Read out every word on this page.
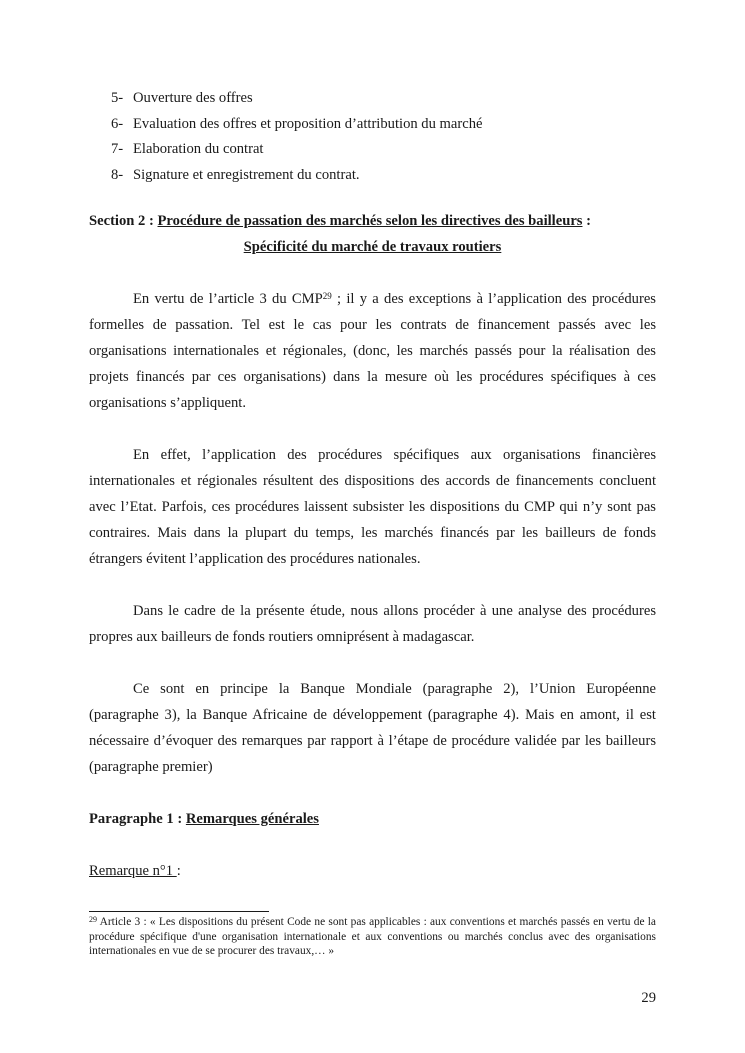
5- Ouverture des offres
6- Evaluation des offres et proposition d’attribution du marché
7- Elaboration du contrat
8- Signature et enregistrement du contrat.
Section 2 : Procédure de passation des marchés selon les directives des bailleurs :
Spécificité du marché de travaux routiers

En vertu de l’article 3 du CMP$^{29}$ ; il y a des exceptions à l’application des procédures formelles de passation. Tel est le cas pour les contrats de financement passés avec les organisations internationales et régionales, (donc, les marchés passés pour la réalisation des projets financés par ces organisations) dans la mesure où les procédures spécifiques à ces organisations s’appliquent.

En effet, l’application des procédures spécifiques aux organisations financières internationales et régionales résultent des dispositions des accords de financements concluent avec l’Etat. Parfois, ces procédures laissent subsister les dispositions du CMP qui n’y sont pas contraires. Mais dans la plupart du temps, les marchés financés par les bailleurs de fonds étrangers évitent l’application des procédures nationales.

Dans le cadre de la présente étude, nous allons procéder à une analyse des procédures propres aux bailleurs de fonds routiers omniprésent à madagascar.

Ce sont en principe la Banque Mondiale (paragraphe 2), l’Union Européenne (paragraphe 3), la Banque Africaine de développement (paragraphe 4). Mais en amont, il est nécessaire d’évoquer des remarques par rapport à l’étape de procédure validée par les bailleurs (paragraphe premier)

Paragraphe 1 : Remarques générales
Remarque n°1 :
$^{29}$ Article 3 : « Les dispositions du présent Code ne sont pas applicables : aux conventions et marchés passés en vertu de la procédure spécifique d'une organisation internationale et aux conventions ou marchés conclus avec des organisations internationales en vue de se procurer des travaux,… »
29
